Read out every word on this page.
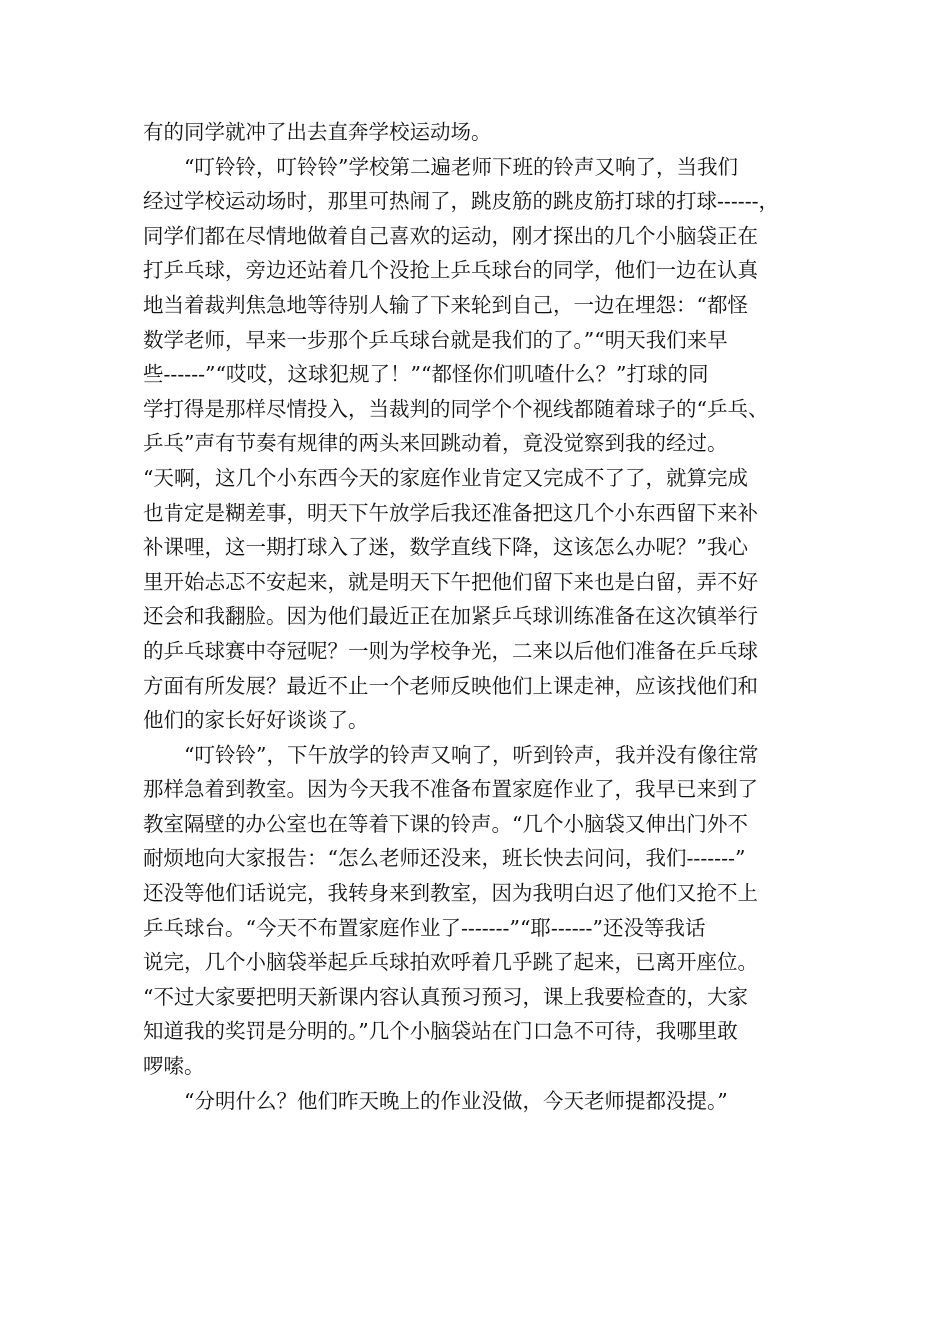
有的同学就冲了出去直奔学校运动场。
“叮铃铃，叮铃铃”学校第二遍老师下班的铃声又响了，当我们
经过学校运动场时，那里可热闹了，跳皮筋的跳皮筋打球的打球------，
同学们都在尽情地做着自己喜欢的运动，刚才探出的几个小脑袋正在
打乒乓球，旁边还站着几个没抢上乒乓球台的同学，他们一边在认真
地当着裁判焦急地等待别人输了下来轮到自己，一边在埋怨：“都怪
数学老师，早来一步那个乒乓球台就是我们的了。”“明天我们来早
些------”“哎哎，这球犯规了！”“都怪你们叽喳什么？”打球的同
学打得是那样尽情投入，当裁判的同学个个视线都随着球子的“乒乓、
乒乓”声有节奏有规律的两头来回跳动着，竟没觉察到我的经过。
“天啊，这几个小东西今天的家庭作业肯定又完成不了了，就算完成
也肯定是糊差事，明天下午放学后我还准备把这几个小东西留下来补
补课哩，这一期打球入了迷，数学直线下降，这该怎么办呢？”我心
里开始忐忑不安起来，就是明天下午把他们留下来也是白留，弄不好
还会和我翻脸。因为他们最近正在加紧乒乓球训练准备在这次镇举行
的乒乓球赛中夺冠呢？一则为学校争光，二来以后他们准备在乒乓球
方面有所发展？最近不止一个老师反映他们上课走神，应该找他们和
他们的家长好好谈谈了。
“叮铃铃”，下午放学的铃声又响了，听到铃声，我并没有像往常
那样急着到教室。因为今天我不准备布置家庭作业了，我早已来到了
教室隔壁的办公室也在等着下课的铃声。“几个小脑袋又伸出门外不
耐烦地向大家报告：“怎么老师还没来，班长快去问问，我们-------”
还没等他们话说完，我转身来到教室，因为我明白迟了他们又抢不上
乒乓球台。“今天不布置家庭作业了-------”“耶------”还没等我话
说完，几个小脑袋举起乒乓球拍欢呼着几乎跳了起来，已离开座位。
“不过大家要把明天新课内容认真预习预习，课上我要检查的，大家
知道我的奖罚是分明的。”几个小脑袋站在门口急不可待，我哪里敢
啰嗦。
“分明什么？他们昨天晚上的作业没做，今天老师提都没提。”
